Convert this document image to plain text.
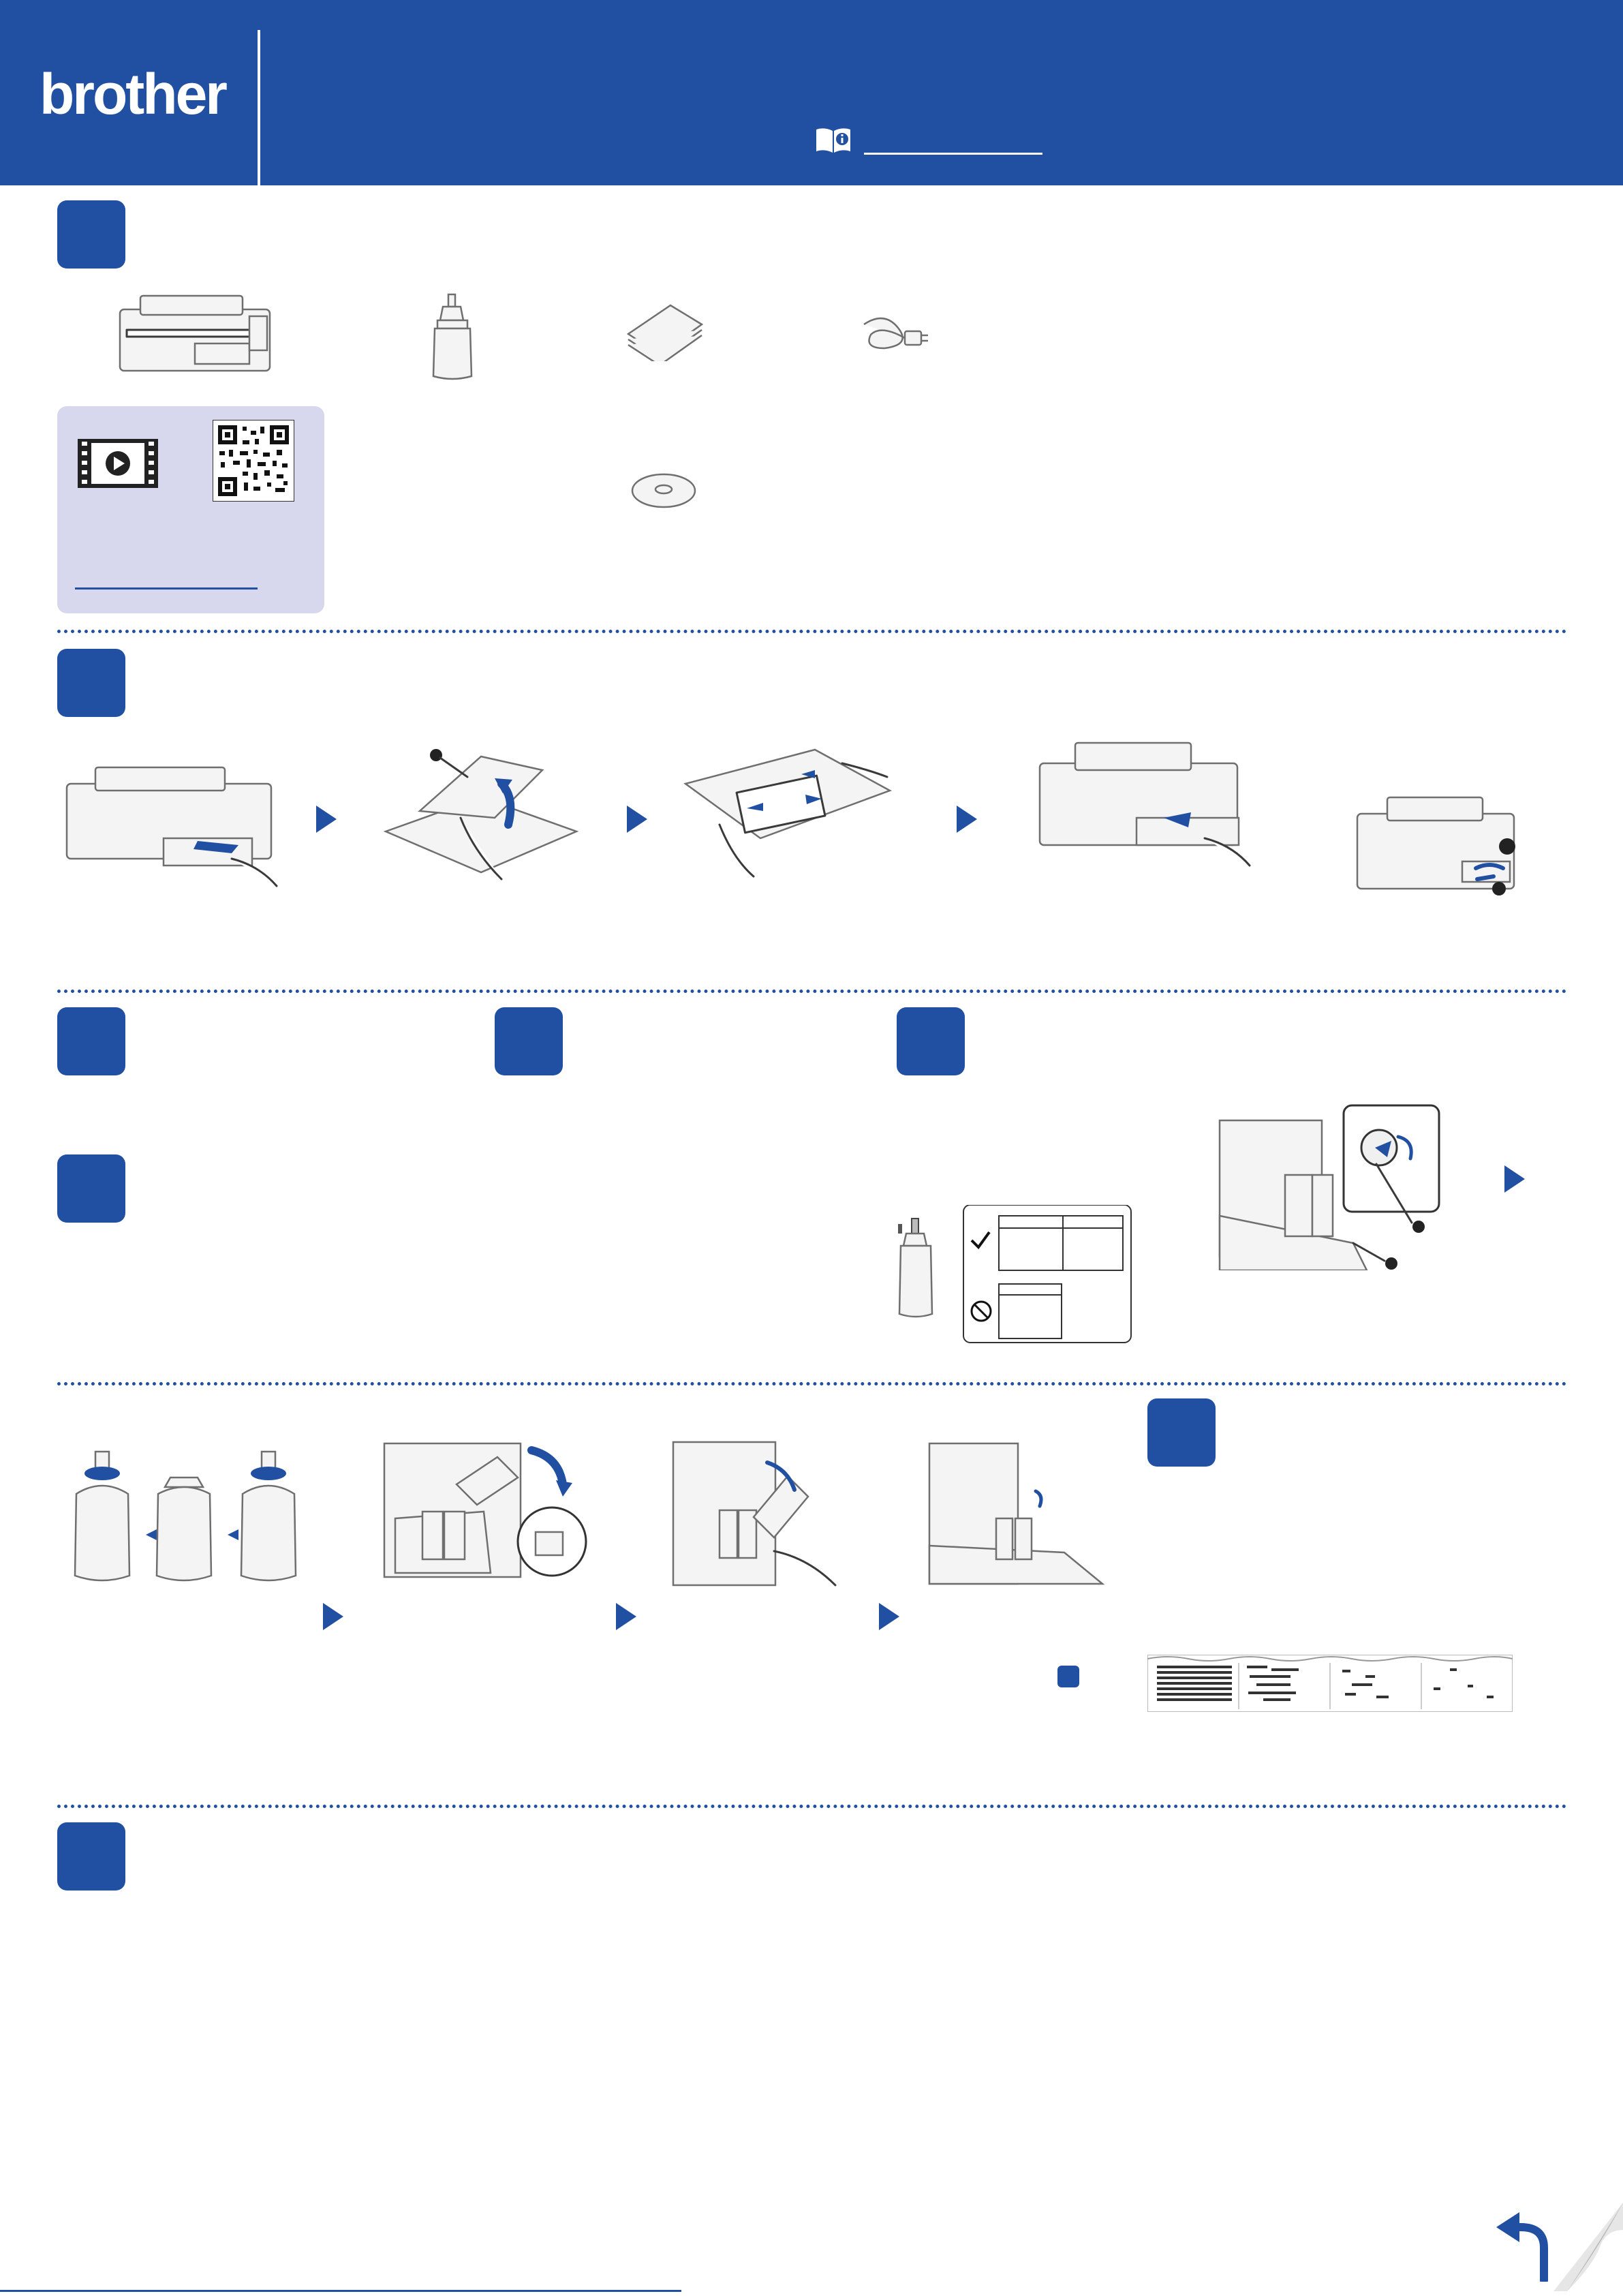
brother
